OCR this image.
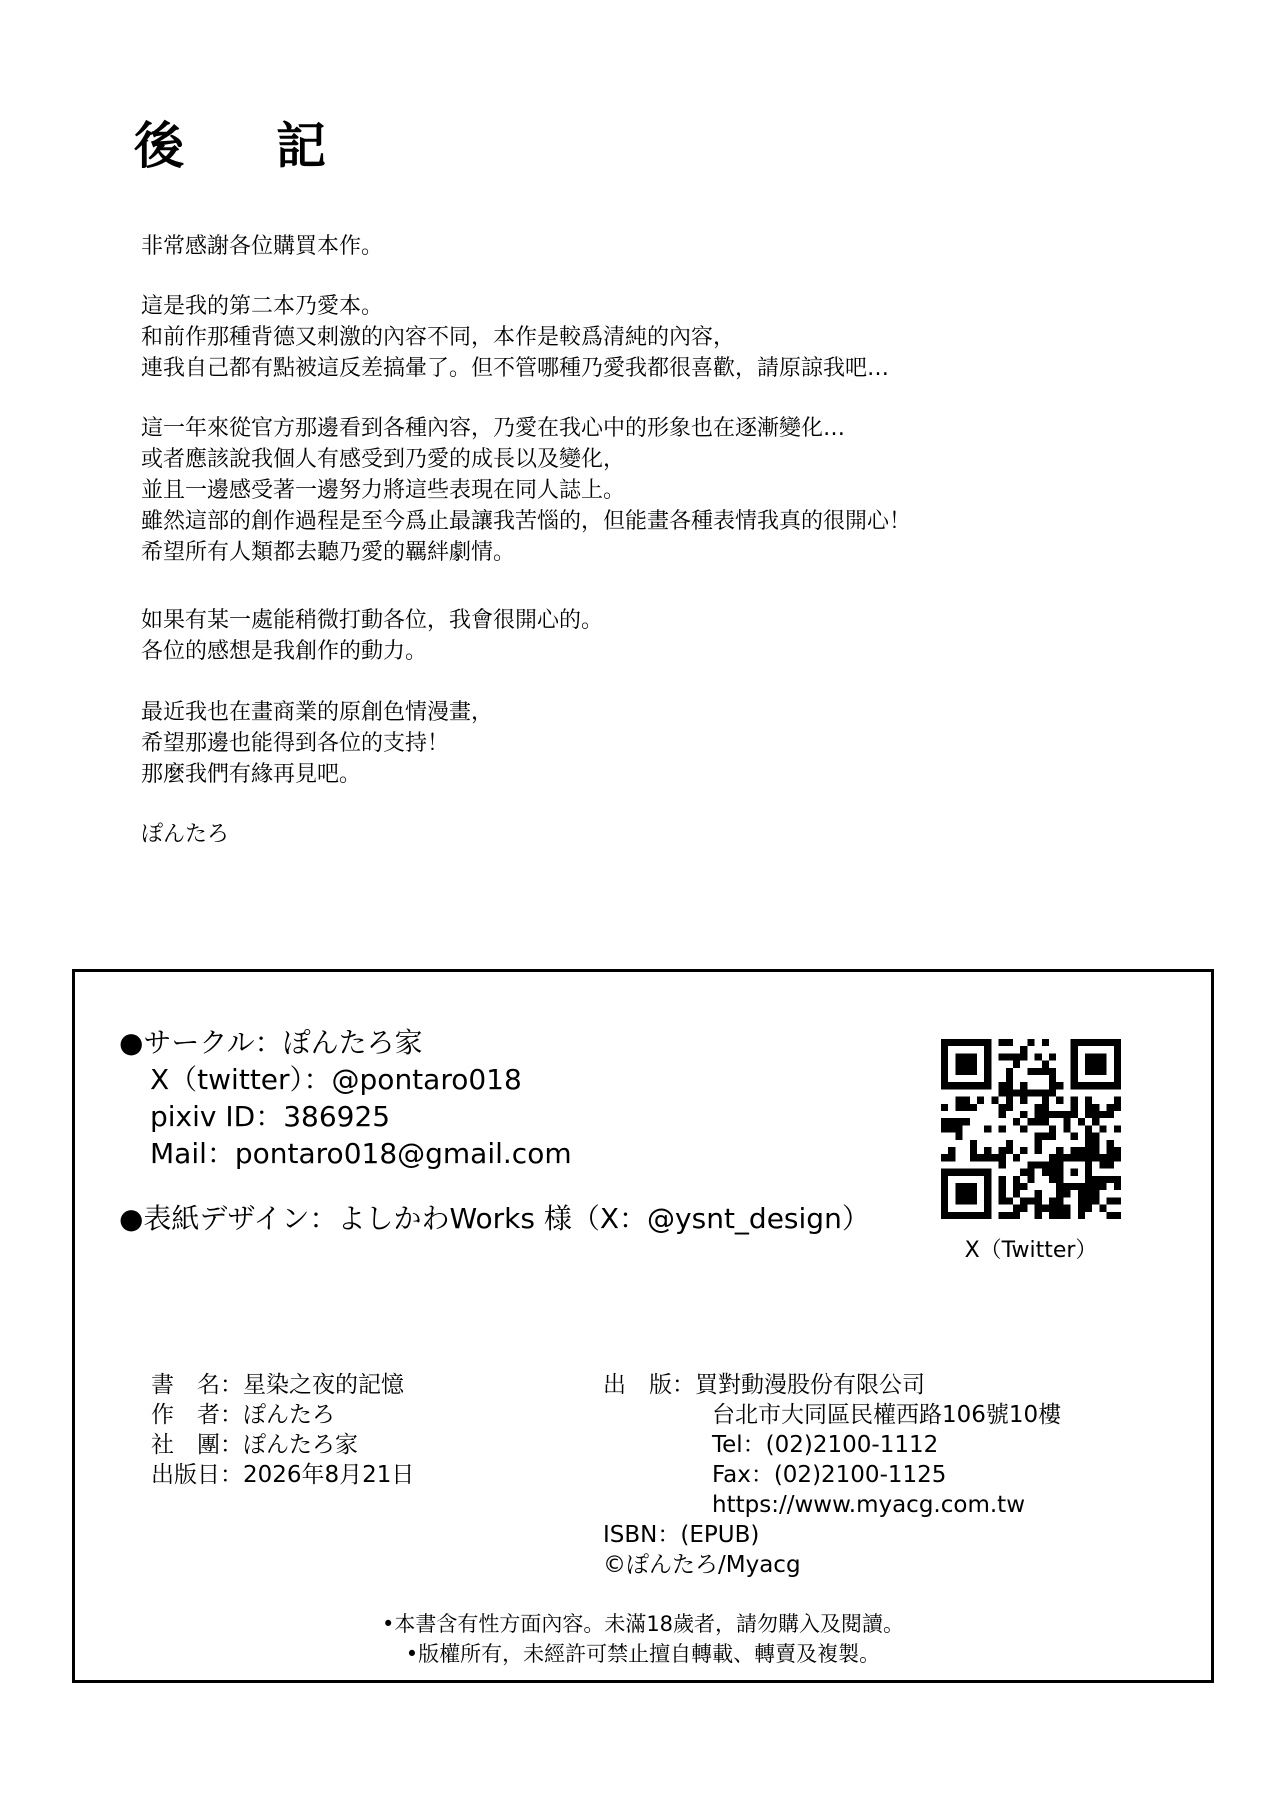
後 記
非常感謝各位購買本作。
這是我的第二本乃愛本。
和前作那種背德又刺激的內容不同，本作是較爲清純的內容，
連我自己都有點被這反差搞暈了。但不管哪種乃愛我都很喜歡，請原諒我吧…
這一年來從官方那邊看到各種內容，乃愛在我心中的形象也在逐漸變化…
或者應該說我個人有感受到乃愛的成長以及變化，
並且一邊感受著一邊努力將這些表現在同人誌上。
雖然這部的創作過程是至今爲止最讓我苦惱的，但能畫各種表情我真的很開心！
希望所有人類都去聽乃愛的羈絆劇情。
如果有某一處能稍微打動各位，我會很開心的。
各位的感想是我創作的動力。
最近我也在畫商業的原創色情漫畫，
希望那邊也能得到各位的支持！
那麼我們有緣再見吧。
ぽんたろ
●サークル：ぽんたろ家
X（twitter）：@pontaro018
pixiv ID：386925
Mail：pontaro018@gmail.com
●表紙デザイン：よしかわWorks 様（X：@ysnt_design）
X（Twitter）
書　名：星染之夜的記憶
作　者：ぽんたろ
社　團：ぽんたろ家
出版日：2026年8月21日
出　版：買對動漫股份有限公司
台北市大同區民權西路106號10樓
Tel：(02)2100-1112
Fax：(02)2100-1125
https://www.myacg.com.tw
ISBN：(EPUB)
©ぽんたろ/Myacg
•本書含有性方面內容。未滿18歲者，請勿購入及閱讀。
•版權所有，未經許可禁止擅自轉載、轉賣及複製。
